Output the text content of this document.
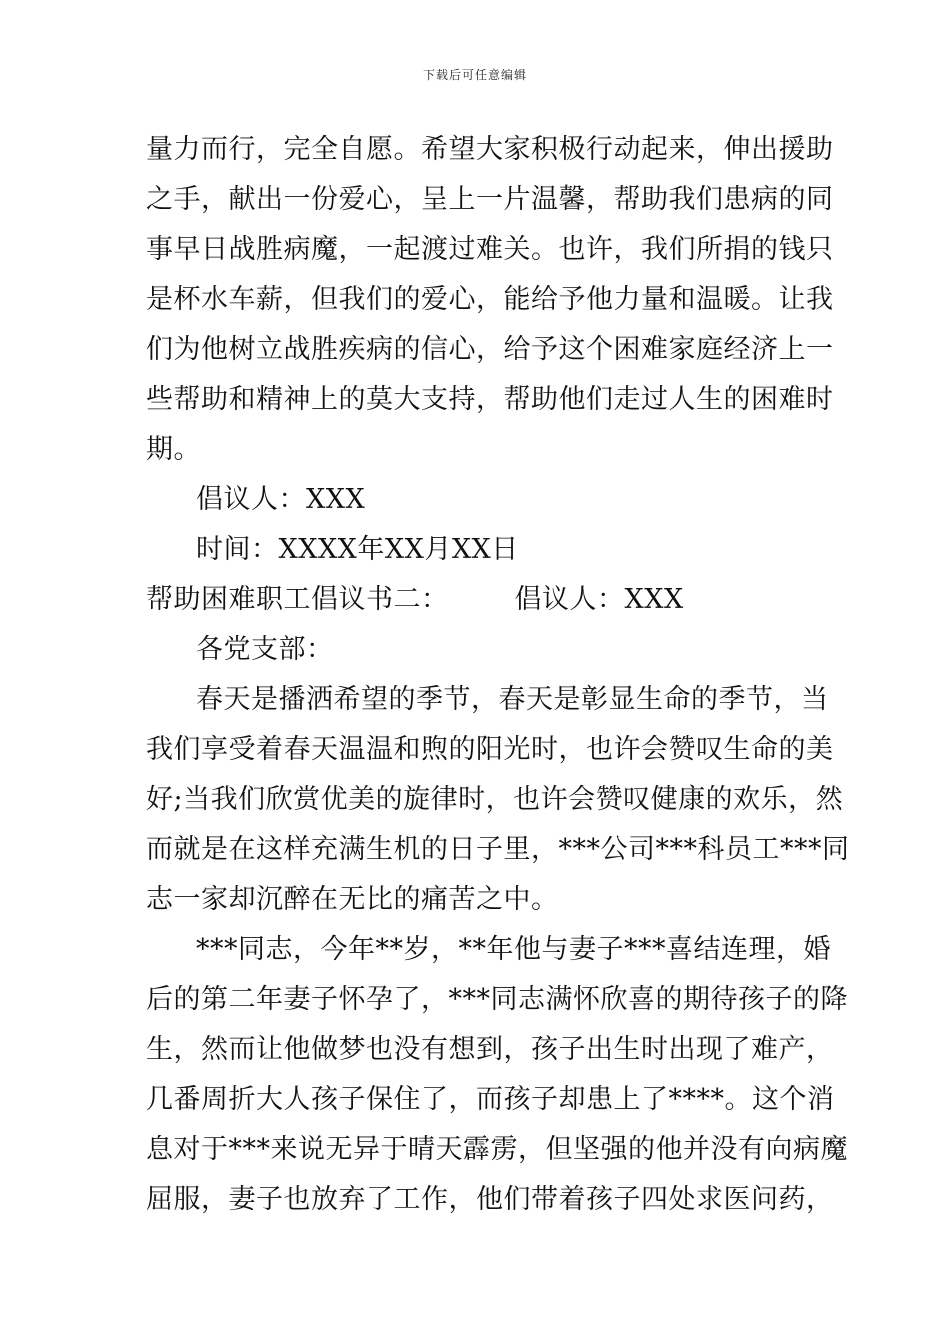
下载后可任意编辑
量力而行，完全自愿。希望大家积极行动起来，伸出援助
之手，献出一份爱心，呈上一片温馨，帮助我们患病的同
事早日战胜病魔，一起渡过难关。也许，我们所捐的钱只
是杯水车薪，但我们的爱心，能给予他力量和温暖。让我
们为他树立战胜疾病的信心，给予这个困难家庭经济上一
些帮助和精神上的莫大支持，帮助他们走过人生的困难时
期。
倡议人：XXX
时间：XXXX年XX月XX日
帮助困难职工倡议书二： 倡议人：XXX
各党支部：
春天是播洒希望的季节，春天是彰显生命的季节，当
我们享受着春天温温和煦的阳光时，也许会赞叹生命的美
好;当我们欣赏优美的旋律时，也许会赞叹健康的欢乐，然
而就是在这样充满生机的日子里，***公司***科员工***同
志一家却沉醉在无比的痛苦之中。
***同志，今年**岁，**年他与妻子***喜结连理，婚
后的第二年妻子怀孕了，***同志满怀欣喜的期待孩子的降
生，然而让他做梦也没有想到，孩子出生时出现了难产，
几番周折大人孩子保住了，而孩子却患上了****。这个消
息对于***来说无异于晴天霹雳，但坚强的他并没有向病魔
屈服，妻子也放弃了工作，他们带着孩子四处求医问药，
